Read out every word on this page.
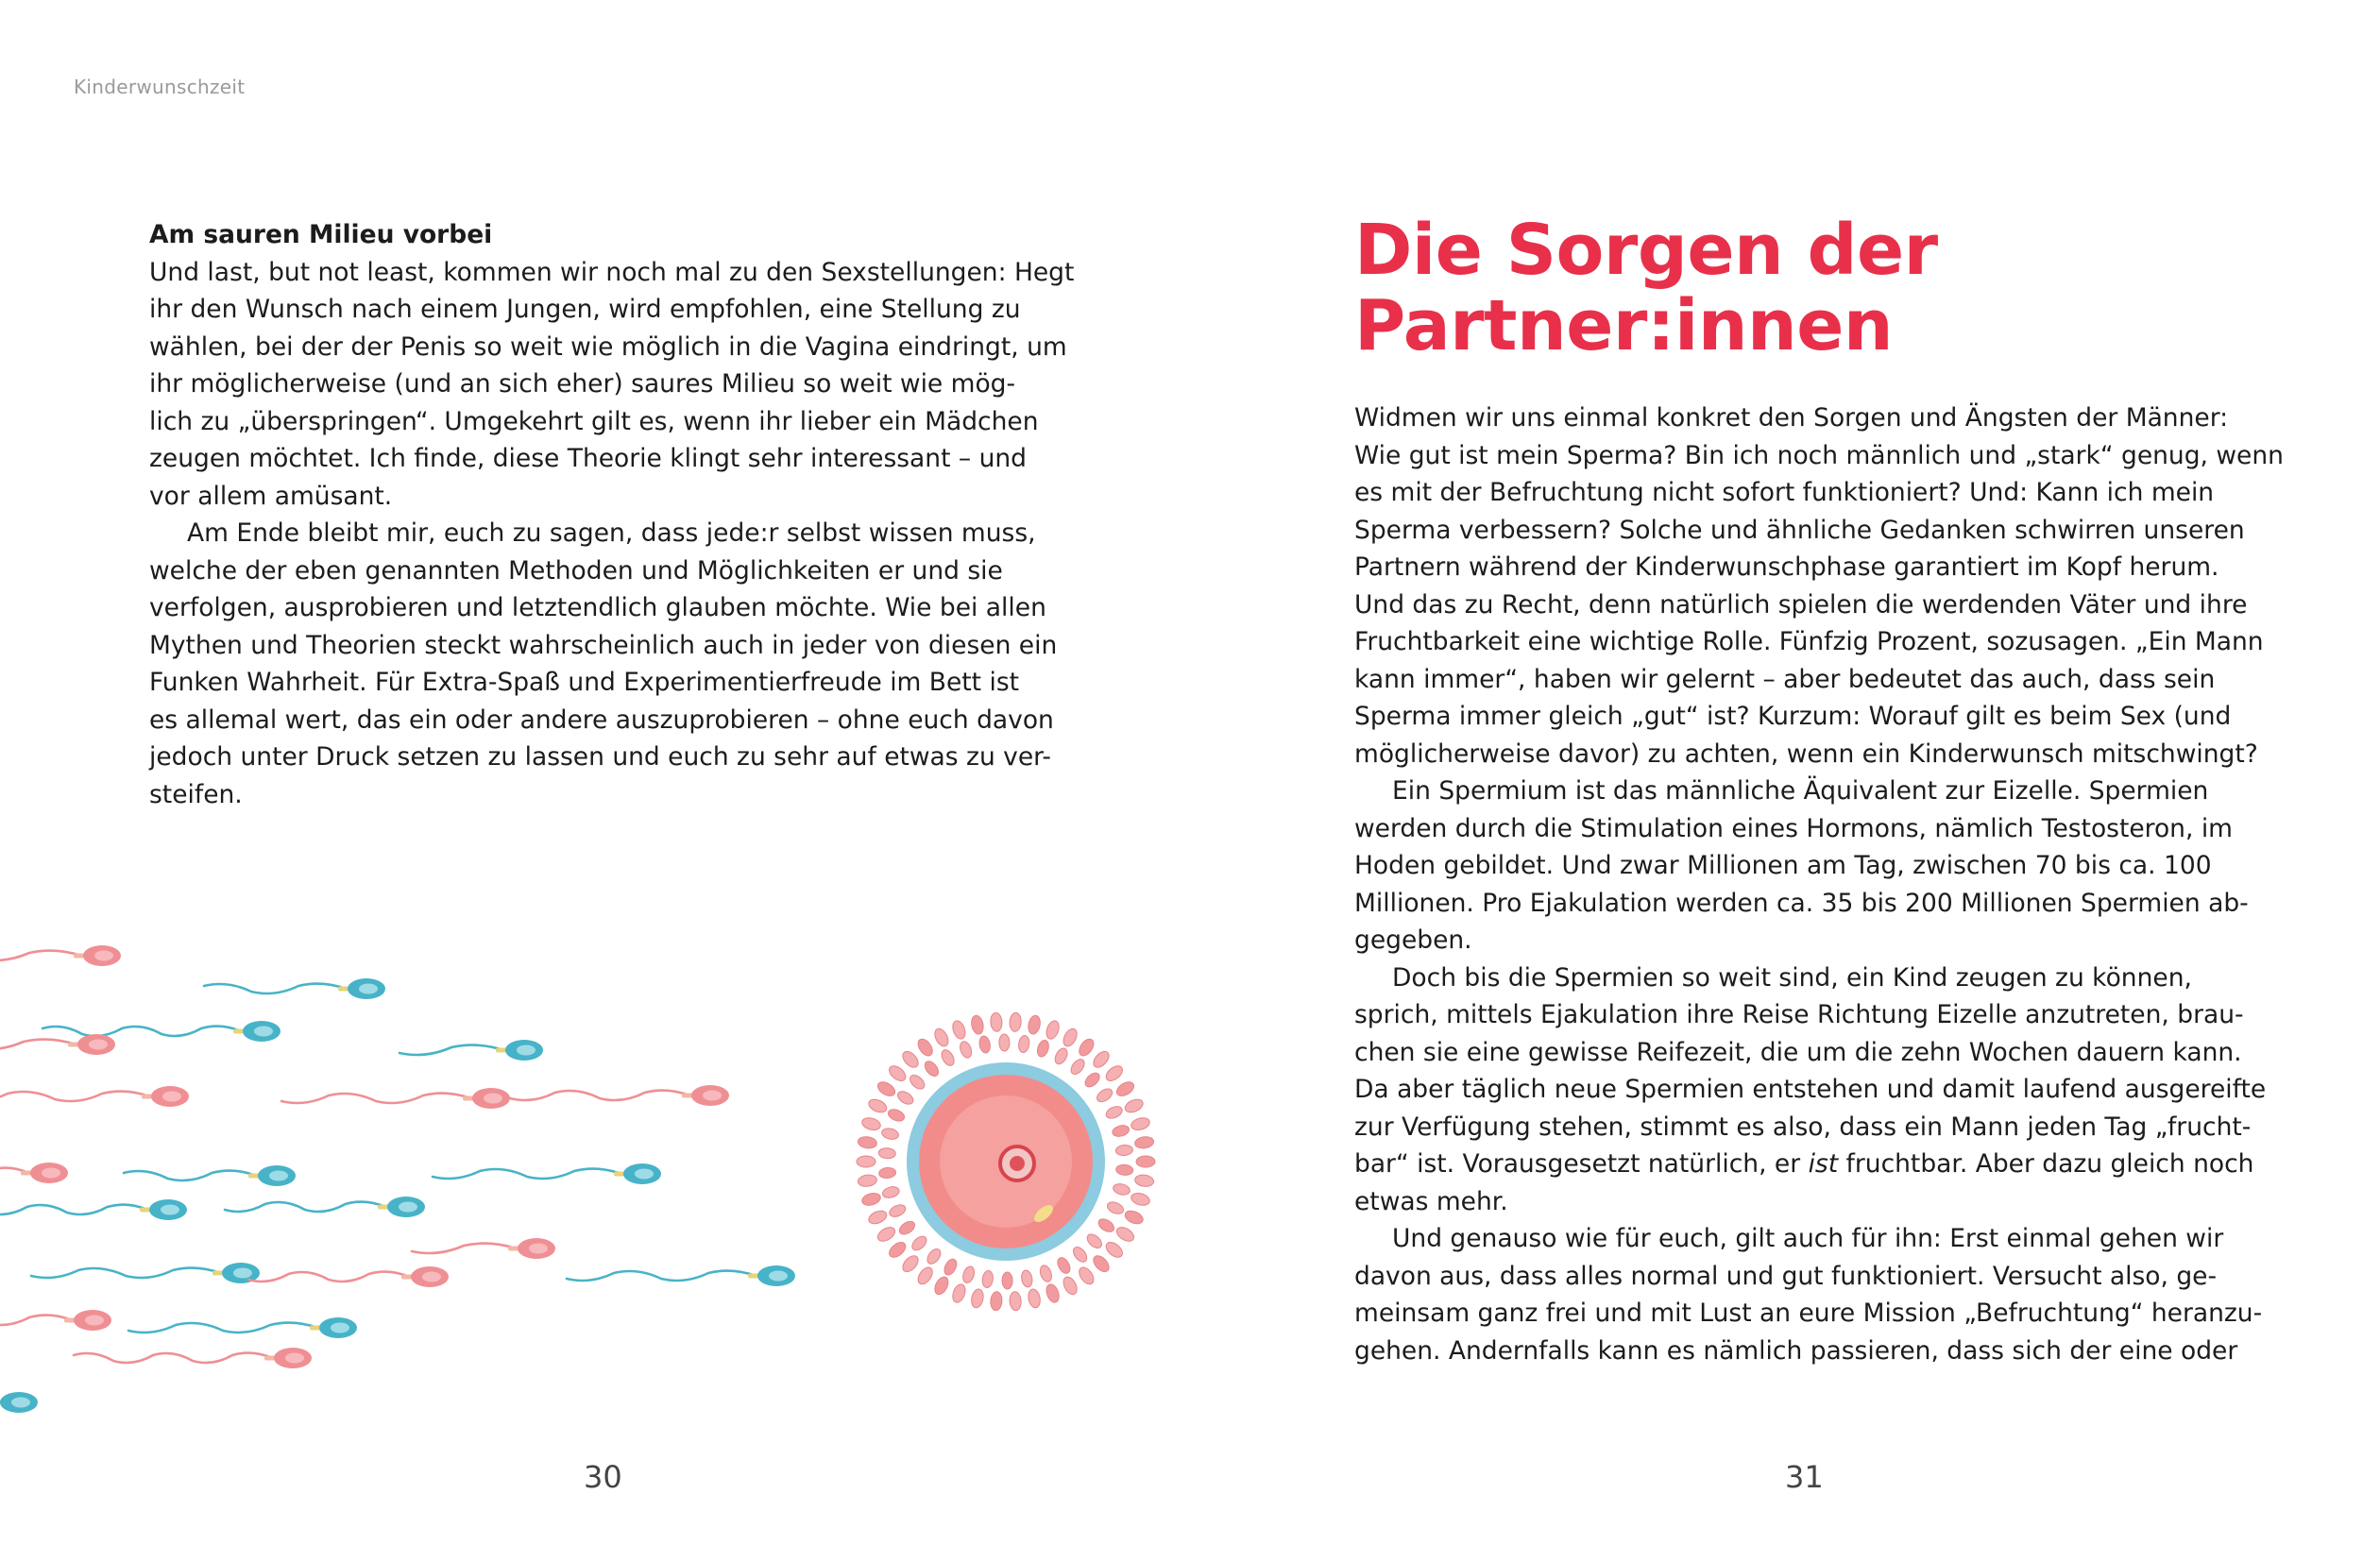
Kinderwunschzeit
Am sauren Milieu vorbei

Und last, but not least, kommen wir noch mal zu den Sexstellungen: Hegt
ihr den Wunsch nach einem Jungen, wird empfohlen, eine Stellung zu
wählen, bei der der Penis so weit wie möglich in die Vagina eindringt, um
ihr möglicherweise (und an sich eher) saures Milieu so weit wie mög-
lich zu „überspringen“. Umgekehrt gilt es, wenn ihr lieber ein Mädchen
zeugen möchtet. Ich finde, diese Theorie klingt sehr interessant – und
vor allem amüsant.

Am Ende bleibt mir, euch zu sagen, dass jede:r selbst wissen muss,
welche der eben genannten Methoden und Möglichkeiten er und sie
verfolgen, ausprobieren und letztendlich glauben möchte. Wie bei allen
Mythen und Theorien steckt wahrscheinlich auch in jeder von diesen ein
Funken Wahrheit. Für Extra-Spaß und Experimentierfreude im Bett ist
es allemal wert, das ein oder andere auszuprobieren – ohne euch davon
jedoch unter Druck setzen zu lassen und euch zu sehr auf etwas zu ver-
steifen.

30
Die Sorgen der
Partner:innen

Widmen wir uns einmal konkret den Sorgen und Ängsten der Männer:
Wie gut ist mein Sperma? Bin ich noch männlich und „stark“ genug, wenn
es mit der Befruchtung nicht sofort funktioniert? Und: Kann ich mein
Sperma verbessern? Solche und ähnliche Gedanken schwirren unseren
Partnern während der Kinderwunschphase garantiert im Kopf herum.
Und das zu Recht, denn natürlich spielen die werdenden Väter und ihre
Fruchtbarkeit eine wichtige Rolle. Fünfzig Prozent, sozusagen. „Ein Mann
kann immer“, haben wir gelernt – aber bedeutet das auch, dass sein
Sperma immer gleich „gut“ ist? Kurzum: Worauf gilt es beim Sex (und
möglicherweise davor) zu achten, wenn ein Kinderwunsch mitschwingt?

Ein Spermium ist das männliche Äquivalent zur Eizelle. Spermien
werden durch die Stimulation eines Hormons, nämlich Testosteron, im
Hoden gebildet. Und zwar Millionen am Tag, zwischen 70 bis ca. 100
Millionen. Pro Ejakulation werden ca. 35 bis 200 Millionen Spermien ab-
gegeben.

Doch bis die Spermien so weit sind, ein Kind zeugen zu können,
sprich, mittels Ejakulation ihre Reise Richtung Eizelle anzutreten, brau-
chen sie eine gewisse Reifezeit, die um die zehn Wochen dauern kann.
Da aber täglich neue Spermien entstehen und damit laufend ausgereifte
zur Verfügung stehen, stimmt es also, dass ein Mann jeden Tag „frucht-
bar“ ist. Vorausgesetzt natürlich, er ist fruchtbar. Aber dazu gleich noch
etwas mehr.

Und genauso wie für euch, gilt auch für ihn: Erst einmal gehen wir
davon aus, dass alles normal und gut funktioniert. Versucht also, ge-
meinsam ganz frei und mit Lust an eure Mission „Befruchtung“ heranzu-
gehen. Andernfalls kann es nämlich passieren, dass sich der eine oder

31
